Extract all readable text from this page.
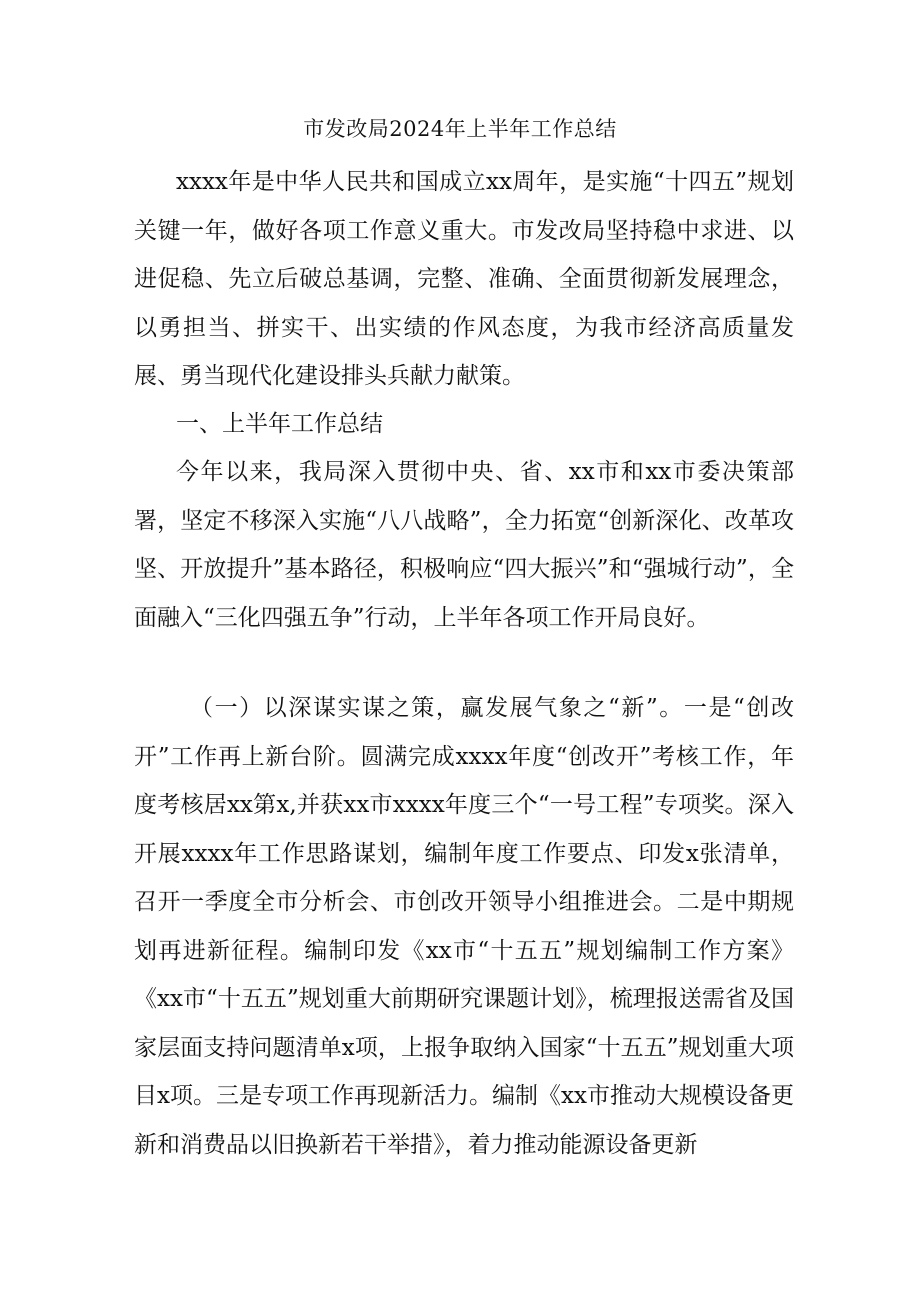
市发改局2024年上半年工作总结

xxxx年是中华人民共和国成立xx周年，是实施“十四五”规划关键一年，做好各项工作意义重大。市发改局坚持稳中求进、以进促稳、先立后破总基调，完整、准确、全面贯彻新发展理念，以勇担当、拼实干、出实绩的作风态度，为我市经济高质量发展、勇当现代化建设排头兵献力献策。

一、上半年工作总结

今年以来，我局深入贯彻中央、省、xx市和xx市委决策部署，坚定不移深入实施“八八战略”，全力拓宽“创新深化、改革攻坚、开放提升”基本路径，积极响应“四大振兴”和“强城行动”，全面融入“三化四强五争”行动，上半年各项工作开局良好。

（一）以深谋实谋之策，赢发展气象之“新”。一是“创改开”工作再上新台阶。圆满完成xxxx年度“创改开”考核工作，年度考核居xx第x,并获xx市xxxx年度三个“一号工程”专项奖。深入开展xxxx年工作思路谋划，编制年度工作要点、印发x张清单，召开一季度全市分析会、市创改开领导小组推进会。二是中期规划再进新征程。编制印发《xx市“十五五”规划编制工作方案》《xx市“十五五”规划重大前期研究课题计划》，梳理报送需省及国家层面支持问题清单x项，上报争取纳入国家“十五五”规划重大项目x项。三是专项工作再现新活力。编制《xx市推动大规模设备更新和消费品以旧换新若干举措》，着力推动能源设备更新
